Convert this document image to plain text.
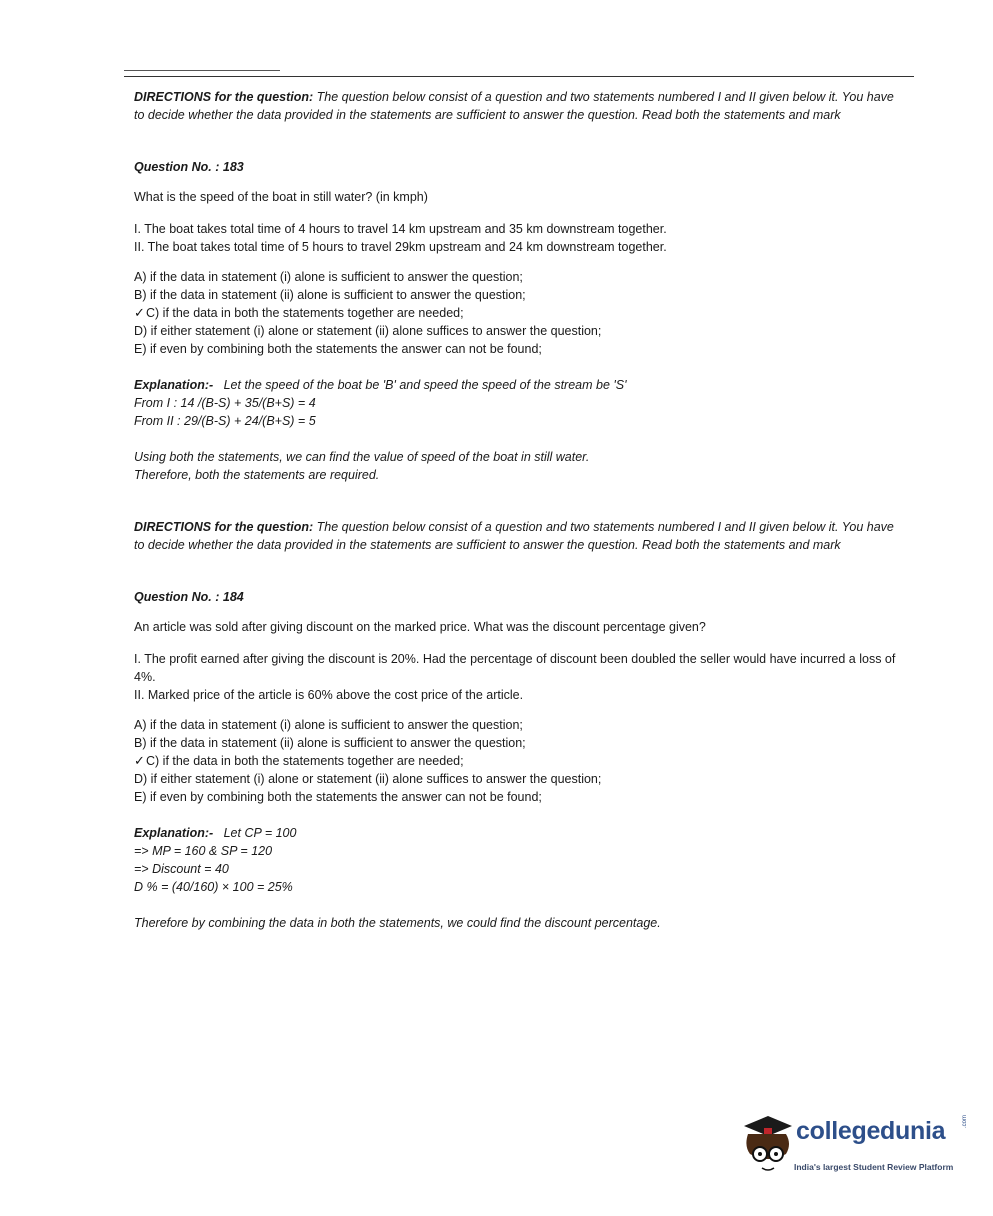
DIRECTIONS for the question: The question below consist of a question and two statements numbered I and II given below it. You have to decide whether the data provided in the statements are sufficient to answer the question. Read both the statements and mark

Question No. : 183

What is the speed of the boat in still water? (in kmph)

I. The boat takes total time of 4 hours to travel 14 km upstream and 35 km downstream together.

II. The boat takes total time of 5 hours to travel 29km upstream and 24 km downstream together.

A) if the data in statement (i) alone is sufficient to answer the question;
B) if the data in statement (ii) alone is sufficient to answer the question;
✓C) if the data in both the statements together are needed;
D) if either statement (i) alone or statement (ii) alone suffices to answer the question;
E) if even by combining both the statements the answer can not be found;

Explanation:- Let the speed of the boat be 'B' and speed the speed of the stream be 'S'

From I : 14 /(B-S) + 35/(B+S) = 4

From II : 29/(B-S) + 24/(B+S) = 5

Using both the statements, we can find the value of speed of the boat in still water.

Therefore, both the statements are required.

DIRECTIONS for the question: The question below consist of a question and two statements numbered I and II given below it. You have to decide whether the data provided in the statements are sufficient to answer the question. Read both the statements and mark

Question No. : 184

An article was sold after giving discount on the marked price. What was the discount percentage given?

I. The profit earned after giving the discount is 20%. Had the percentage of discount been doubled the seller would have incurred a loss of 4%.

II. Marked price of the article is 60% above the cost price of the article.

A) if the data in statement (i) alone is sufficient to answer the question;
B) if the data in statement (ii) alone is sufficient to answer the question;
✓C) if the data in both the statements together are needed;
D) if either statement (i) alone or statement (ii) alone suffices to answer the question;
E) if even by combining both the statements the answer can not be found;

Explanation:- Let CP = 100

=> MP = 160 & SP = 120

=> Discount = 40

D % = (40/160) × 100 = 25%

Therefore by combining the data in both the statements, we could find the discount percentage.

collegedunia	.com
India's largest Student Review Platform
